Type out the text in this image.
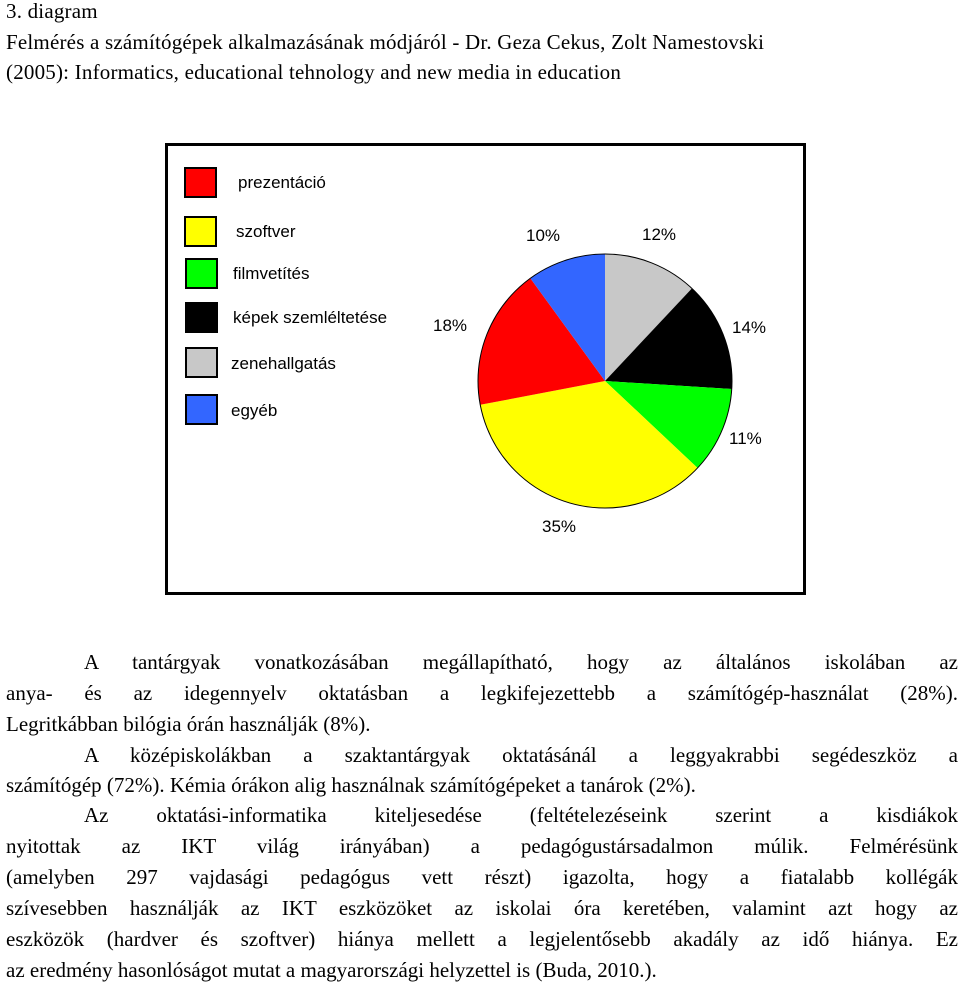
3. diagram
Felmérés a számítógépek alkalmazásának módjáról - Dr. Geza Cekus, Zolt Namestovski
(2005): Informatics, educational tehnology and new media in education
prezentáció
szoftver
filmvetítés
képek szemléltetése
zenehallgatás
egyéb
10%	12%
18%	14%
11%
35%

A tantárgyak vonatkozásában megállapítható, hogy az általános iskolában az

anya- és az idegennyelv oktatásban a legkifejezettebb a számítógép-használat (28%).

Legritkábban bilógia órán használják (8%).

A középiskolákban a szaktantárgyak oktatásánál a leggyakrabbi segédeszköz a

számítógép (72%). Kémia órákon alig használnak számítógépeket a tanárok (2%).

Az oktatási-informatika kiteljesedése (feltételezéseink szerint a kisdiákok

nyitottak az IKT világ irányában) a pedagógustársadalmon múlik. Felmérésünk

(amelyben 297 vajdasági pedagógus vett részt) igazolta, hogy a fiatalabb kollégák

szívesebben használják az IKT eszközöket az iskolai óra keretében, valamint azt hogy az

eszközök (hardver és szoftver) hiánya mellett a legjelentősebb akadály az idő hiánya. Ez

az eredmény hasonlóságot mutat a magyarországi helyzettel is (Buda, 2010.).
